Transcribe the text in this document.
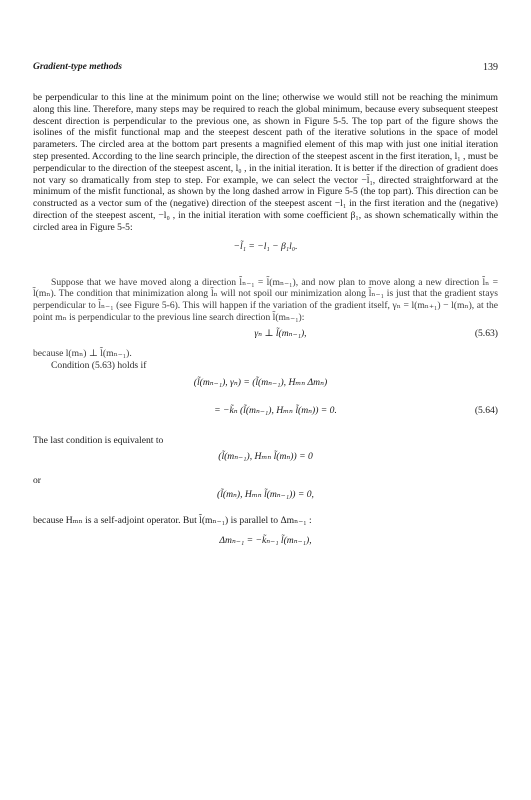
Gradient-type methods	139

be perpendicular to this line at the minimum point on the line; otherwise we would still not be reaching the minimum along this line. Therefore, many steps may be required to reach the global minimum, because every subsequent steepest descent direction is perpendicular to the previous one, as shown in Figure 5-5. The top part of the figure shows the isolines of the misfit functional map and the steepest descent path of the iterative solutions in the space of model parameters. The circled area at the bottom part presents a magnified element of this map with just one initial iteration step presented. According to the line search principle, the direction of the steepest ascent in the first iteration, l₁ , must be perpendicular to the direction of the steepest ascent, l₀ , in the initial iteration. It is better if the direction of gradient does not vary so dramatically from step to step. For example, we can select the vector −l̃₁, directed straightforward at the minimum of the misfit functional, as shown by the long dashed arrow in Figure 5-5 (the top part). This direction can be constructed as a vector sum of the (negative) direction of the steepest ascent −l₁ in the first iteration and the (negative) direction of the steepest ascent, −l₀ , in the initial iteration with some coefficient β₁, as shown schematically within the circled area in Figure 5-5:

−l̃₁ = −l₁ − β₁l₀.

Suppose that we have moved along a direction l̃ₙ₋₁ = l̃(mₙ₋₁), and now plan to move along a new direction l̃ₙ = l̃(mₙ). The condition that minimization along l̃ₙ will not spoil our minimization along l̃ₙ₋₁ is just that the gradient stays perpendicular to l̃ₙ₋₁ (see Figure 5-6). This will happen if the variation of the gradient itself, γₙ = l(mₙ₊₁) − l(mₙ), at the point mₙ is perpendicular to the previous line search direction l̃(mₙ₋₁):

γₙ ⊥ l̃(mₙ₋₁),	(5.63)

because l(mₙ) ⊥ l̃(mₙ₋₁).

Condition (5.63) holds if

(l̃(mₙ₋₁), γₙ) = (l̃(mₙ₋₁), Hₘₙ Δmₙ)
= −k̃ₙ (l̃(mₙ₋₁), Hₘₙ l̃(mₙ)) = 0.	(5.64)

The last condition is equivalent to

(l̃(mₙ₋₁), Hₘₙ l̃(mₙ)) = 0

or

(l̃(mₙ), Hₘₙ l̃(mₙ₋₁)) = 0,

because Hₘₙ is a self-adjoint operator. But l̃(mₙ₋₁) is parallel to Δmₙ₋₁ :

Δmₙ₋₁ = −k̃ₙ₋₁ l̃(mₙ₋₁),
